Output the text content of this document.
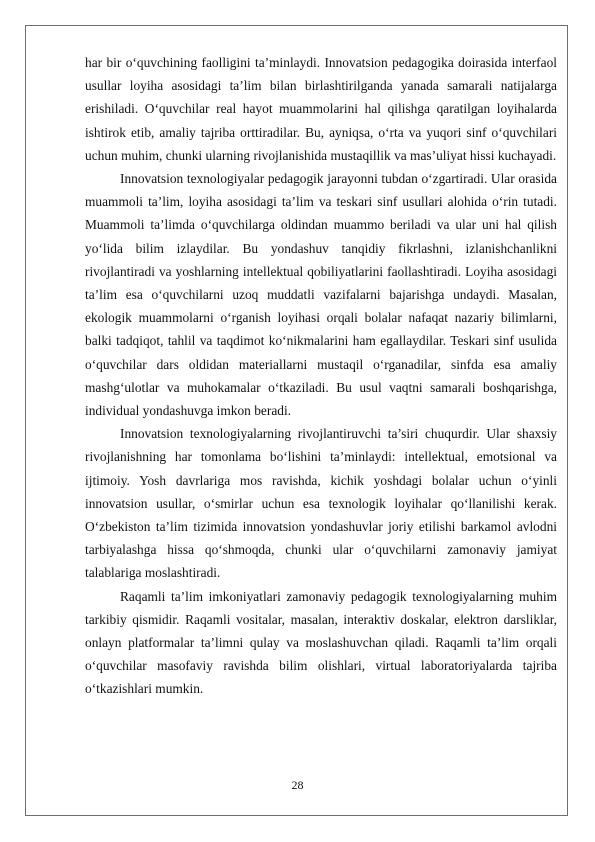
har bir o‘quvchining faolligini ta’minlaydi. Innovatsion pedagogika doirasida interfaol usullar loyiha asosidagi ta’lim bilan birlashtirilganda yanada samarali natijalarga erishiladi. O‘quvchilar real hayot muammolarini hal qilishga qaratilgan loyihalarda ishtirok etib, amaliy tajriba orttiradilar. Bu, ayniqsa, o‘rta va yuqori sinf o‘quvchilari uchun muhim, chunki ularning rivojlanishida mustaqillik va mas’uliyat hissi kuchayadi.

Innovatsion texnologiyalar pedagogik jarayonni tubdan o‘zgartiradi. Ular orasida muammoli ta’lim, loyiha asosidagi ta’lim va teskari sinf usullari alohida o‘rin tutadi. Muammoli ta’limda o‘quvchilarga oldindan muammo beriladi va ular uni hal qilish yo‘lida bilim izlaydilar. Bu yondashuv tanqidiy fikrlashni, izlanishchanlikni rivojlantiradi va yoshlarning intellektual qobiliyatlarini faollashtiradi. Loyiha asosidagi ta’lim esa o‘quvchilarni uzoq muddatli vazifalarni bajarishga undaydi. Masalan, ekologik muammolarni o‘rganish loyihasi orqali bolalar nafaqat nazariy bilimlarni, balki tadqiqot, tahlil va taqdimot ko‘nikmalarini ham egallaydilar. Teskari sinf usulida o‘quvchilar dars oldidan materiallarni mustaqil o‘rganadilar, sinfda esa amaliy mashg‘ulotlar va muhokamalar o‘tkaziladi. Bu usul vaqtni samarali boshqarishga, individual yondashuvga imkon beradi.

Innovatsion texnologiyalarning rivojlantiruvchi ta’siri chuqurdir. Ular shaxsiy rivojlanishning har tomonlama bo‘lishini ta’minlaydi: intellektual, emotsional va ijtimoiy. Yosh davrlariga mos ravishda, kichik yoshdagi bolalar uchun o‘yinli innovatsion usullar, o‘smirlar uchun esa texnologik loyihalar qo‘llanilishi kerak. O‘zbekiston ta’lim tizimida innovatsion yondashuvlar joriy etilishi barkamol avlodni tarbiyalashga hissa qo‘shmoqda, chunki ular o‘quvchilarni zamonaviy jamiyat talablariga moslashtiradi.

Raqamli ta’lim imkoniyatlari zamonaviy pedagogik texnologiyalarning muhim tarkibiy qismidir. Raqamli vositalar, masalan, interaktiv doskalar, elektron darsliklar, onlayn platformalar ta’limni qulay va moslashuvchan qiladi. Raqamli ta’lim orqali o‘quvchilar masofaviy ravishda bilim olishlari, virtual laboratoriyalarda tajriba o‘tkazishlari mumkin.

28
